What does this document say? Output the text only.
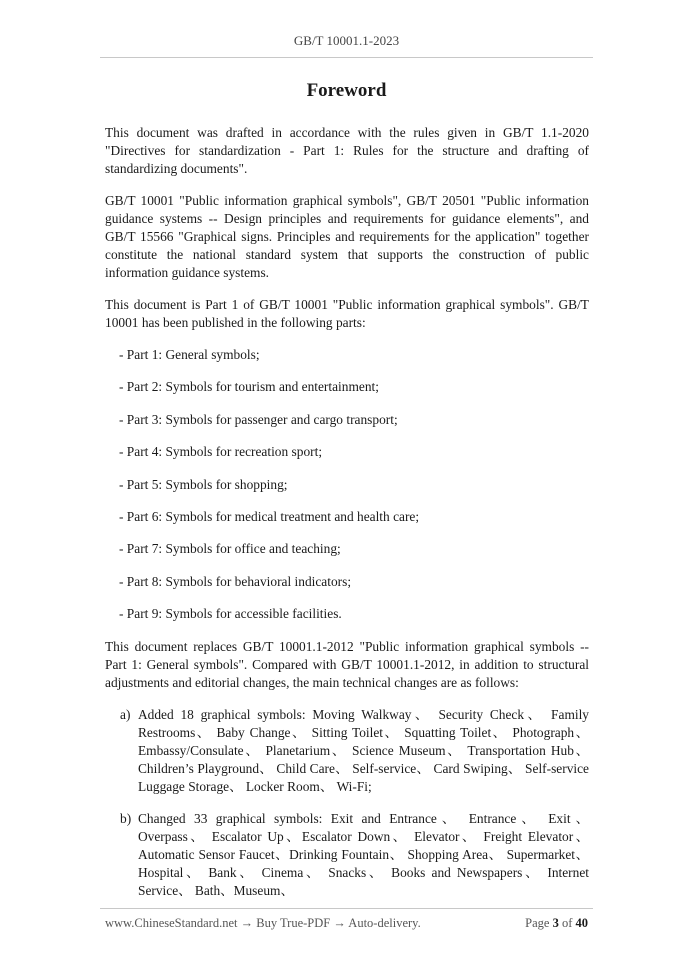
GB/T 10001.1-2023
Foreword

This document was drafted in accordance with the rules given in GB/T 1.1-2020 "Directives for standardization - Part 1: Rules for the structure and drafting of standardizing documents".

GB/T 10001 "Public information graphical symbols", GB/T 20501 "Public information guidance systems -- Design principles and requirements for guidance elements", and GB/T 15566 "Graphical signs. Principles and requirements for the application" together constitute the national standard system that supports the construction of public information guidance systems.

This document is Part 1 of GB/T 10001 "Public information graphical symbols". GB/T 10001 has been published in the following parts:

- Part 1: General symbols;
- Part 2: Symbols for tourism and entertainment;
- Part 3: Symbols for passenger and cargo transport;
- Part 4: Symbols for recreation sport;
- Part 5: Symbols for shopping;
- Part 6: Symbols for medical treatment and health care;
- Part 7: Symbols for office and teaching;
- Part 8: Symbols for behavioral indicators;
- Part 9: Symbols for accessible facilities.

This document replaces GB/T 10001.1-2012 "Public information graphical symbols -- Part 1: General symbols". Compared with GB/T 10001.1-2012, in addition to structural adjustments and editorial changes, the main technical changes are as follows:

a) Added 18 graphical symbols: Moving Walkway、 Security Check、 Family Restrooms、 Baby Change、 Sitting Toilet、 Squatting Toilet、 Photograph、 Embassy/Consulate、 Planetarium、 Science Museum、 Transportation Hub、 Children’s Playground、 Child Care、 Self-service、 Card Swiping、 Self-service Luggage Storage、 Locker Room、 Wi-Fi;
b) Changed 33 graphical symbols: Exit and Entrance、 Entrance、 Exit、 Overpass、 Escalator Up、Escalator Down、 Elevator、 Freight Elevator、 Automatic Sensor Faucet、Drinking Fountain、 Shopping Area、 Supermarket、 Hospital、 Bank、 Cinema、 Snacks、 Books and Newspapers、 Internet Service、 Bath、Museum、
www.ChineseStandard.net → Buy True-PDF → Auto-delivery.	Page 3 of 40
